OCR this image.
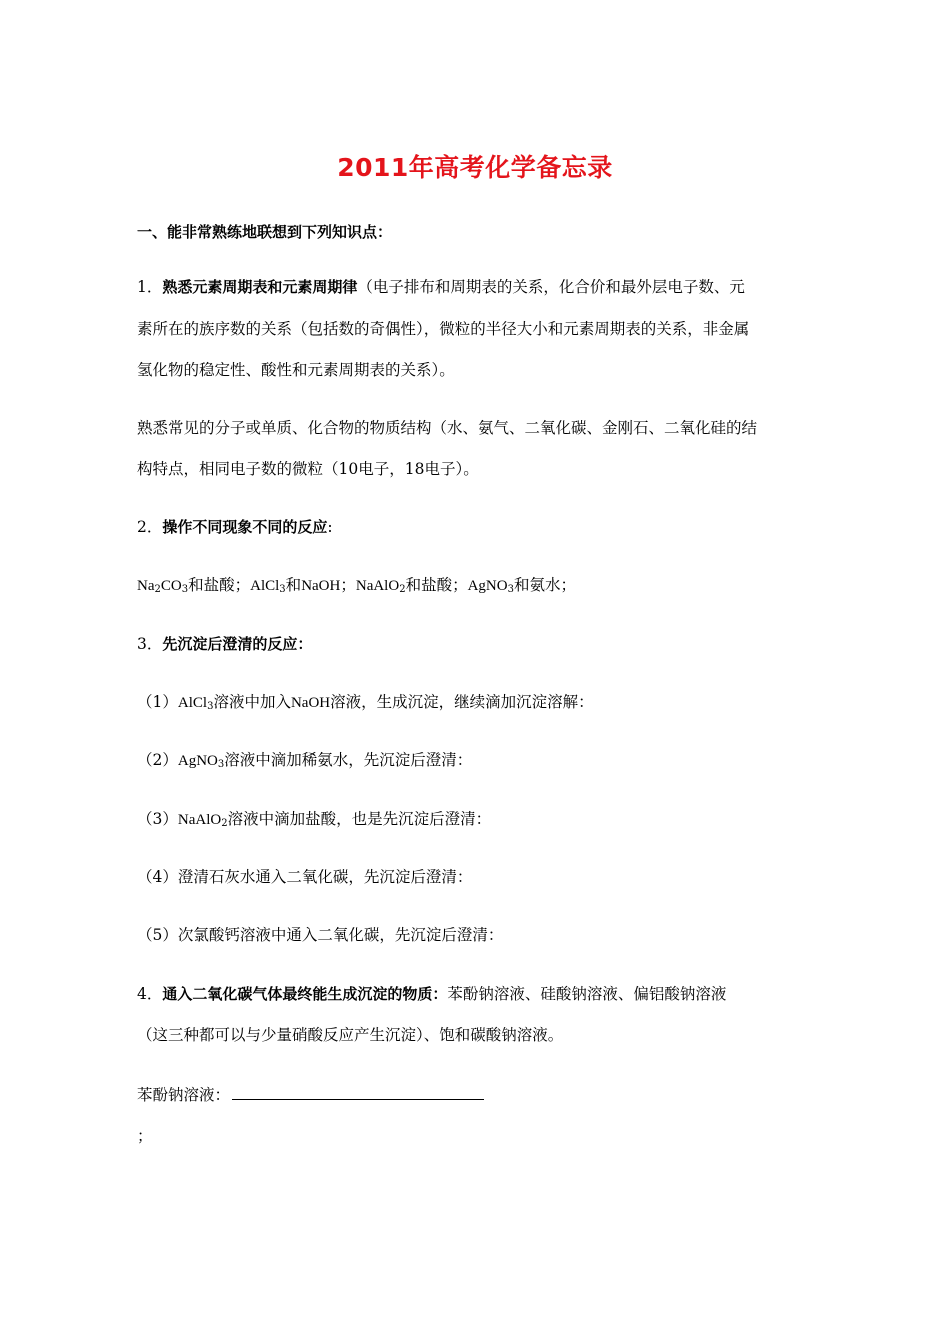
2011年高考化学备忘录
一、能非常熟练地联想到下列知识点：
1．熟悉元素周期表和元素周期律（电子排布和周期表的关系，化合价和最外层电子数、元
素所在的族序数的关系（包括数的奇偶性），微粒的半径大小和元素周期表的关系，非金属
氢化物的稳定性、酸性和元素周期表的关系）。
熟悉常见的分子或单质、化合物的物质结构（水、氨气、二氧化碳、金刚石、二氧化硅的结
构特点，相同电子数的微粒（10电子，18电子）。
2．操作不同现象不同的反应:
$Na_2CO_3$和盐酸；AlCl$_3$和NaOH；NaAlO$_2$和盐酸；AgNO$_3$和氨水；
3．先沉淀后澄清的反应：
（1）AlCl$_3$溶液中加入NaOH溶液，生成沉淀，继续滴加沉淀溶解：
（2）AgNO$_3$溶液中滴加稀氨水，先沉淀后澄清：
（3）NaAlO$_2$溶液中滴加盐酸，也是先沉淀后澄清：
（4）澄清石灰水通入二氧化碳，先沉淀后澄清：
（5）次氯酸钙溶液中通入二氧化碳，先沉淀后澄清：
4．通入二氧化碳气体最终能生成沉淀的物质：苯酚钠溶液、硅酸钠溶液、偏铝酸钠溶液
（这三种都可以与少量硝酸反应产生沉淀）、饱和碳酸钠溶液。
苯酚钠溶液：
；
